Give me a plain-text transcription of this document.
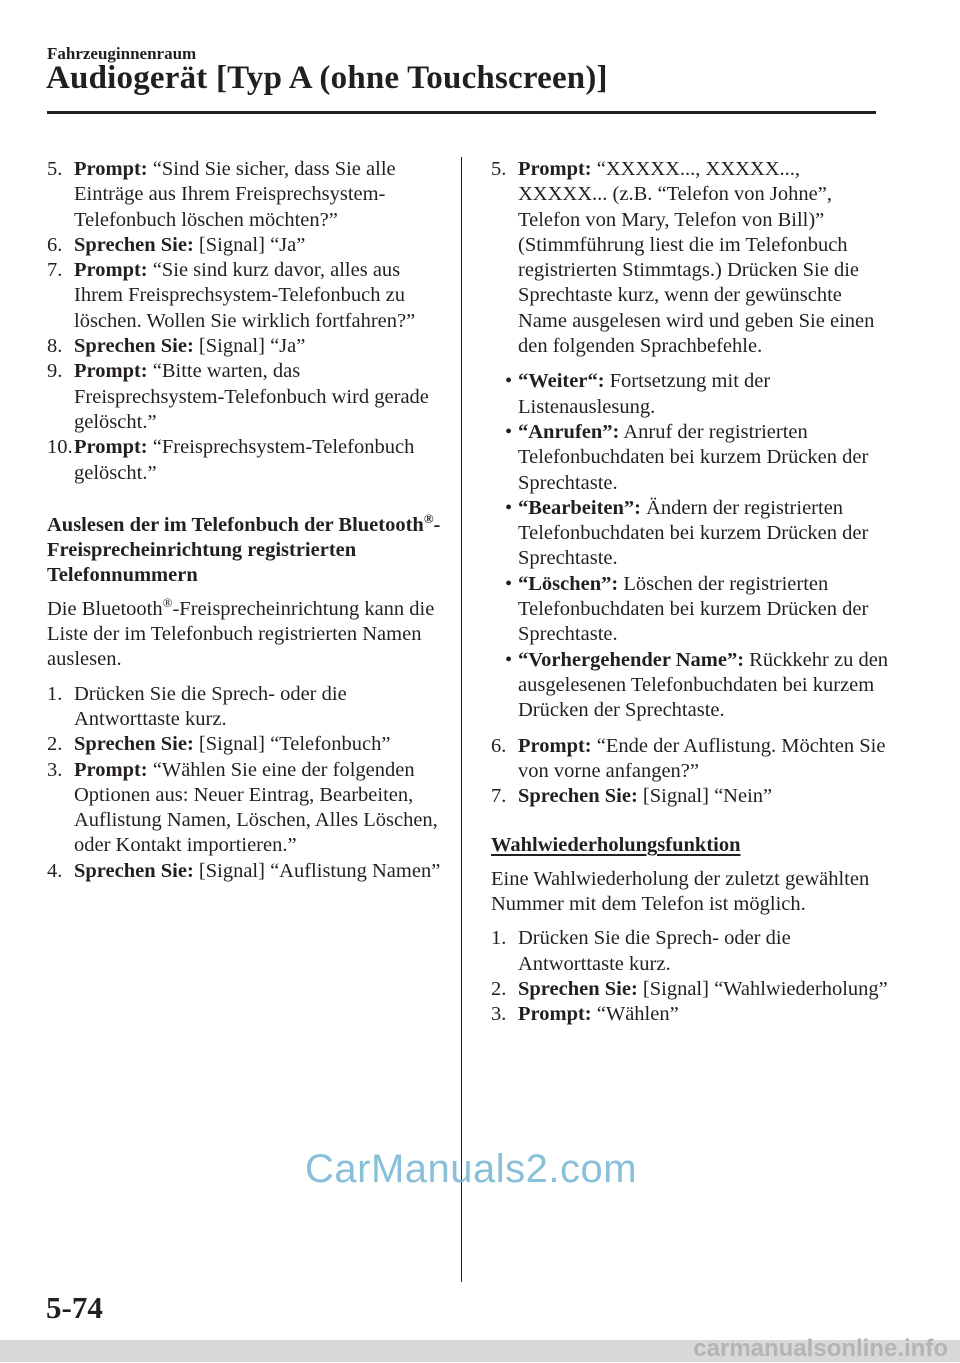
Fahrzeuginnenraum
Audiogerät [Typ A (ohne Touchscreen)]
5. Prompt: “Sind Sie sicher, dass Sie alle Einträge aus Ihrem Freisprechsystem-Telefonbuch löschen möchten?”
6. Sprechen Sie: [Signal] “Ja”
7. Prompt: “Sie sind kurz davor, alles aus Ihrem Freisprechsystem-Telefonbuch zu löschen. Wollen Sie wirklich fortfahren?”
8. Sprechen Sie: [Signal] “Ja”
9. Prompt: “Bitte warten, das Freisprechsystem-Telefonbuch wird gerade gelöscht.”
10. Prompt: “Freisprechsystem-Telefonbuch gelöscht.”
Auslesen der im Telefonbuch der Bluetooth®-Freisprecheinrichtung registrierten Telefonnummern
Die Bluetooth®-Freisprecheinrichtung kann die Liste der im Telefonbuch registrierten Namen auslesen.
1. Drücken Sie die Sprech- oder die Antworttaste kurz.
2. Sprechen Sie: [Signal] “Telefonbuch”
3. Prompt: “Wählen Sie eine der folgenden Optionen aus: Neuer Eintrag, Bearbeiten, Auflistung Namen, Löschen, Alles Löschen, oder Kontakt importieren.”
4. Sprechen Sie: [Signal] “Auflistung Namen”
5. Prompt: “XXXXX..., XXXXX..., XXXXX... (z.B. “Telefon von Johne”, Telefon von Mary, Telefon von Bill)” (Stimmführung liest die im Telefonbuch registrierten Stimmtags.) Drücken Sie die Sprechtaste kurz, wenn der gewünschte Name ausgelesen wird und geben Sie einen den folgenden Sprachbefehle.
• “Weiter“: Fortsetzung mit der Listenauslesung.
• “Anrufen”: Anruf der registrierten Telefonbuchdaten bei kurzem Drücken der Sprechtaste.
• “Bearbeiten”: Ändern der registrierten Telefonbuchdaten bei kurzem Drücken der Sprechtaste.
• “Löschen”: Löschen der registrierten Telefonbuchdaten bei kurzem Drücken der Sprechtaste.
• “Vorhergehender Name”: Rückkehr zu den ausgelesenen Telefonbuchdaten bei kurzem Drücken der Sprechtaste.
6. Prompt: “Ende der Auflistung. Möchten Sie von vorne anfangen?”
7. Sprechen Sie: [Signal] “Nein”
Wahlwiederholungsfunktion
Eine Wahlwiederholung der zuletzt gewählten Nummer mit dem Telefon ist möglich.
1. Drücken Sie die Sprech- oder die Antworttaste kurz.
2. Sprechen Sie: [Signal] “Wahlwiederholung”
3. Prompt: “Wählen”
CarManuals2.com
5-74
carmanualsonline.info
